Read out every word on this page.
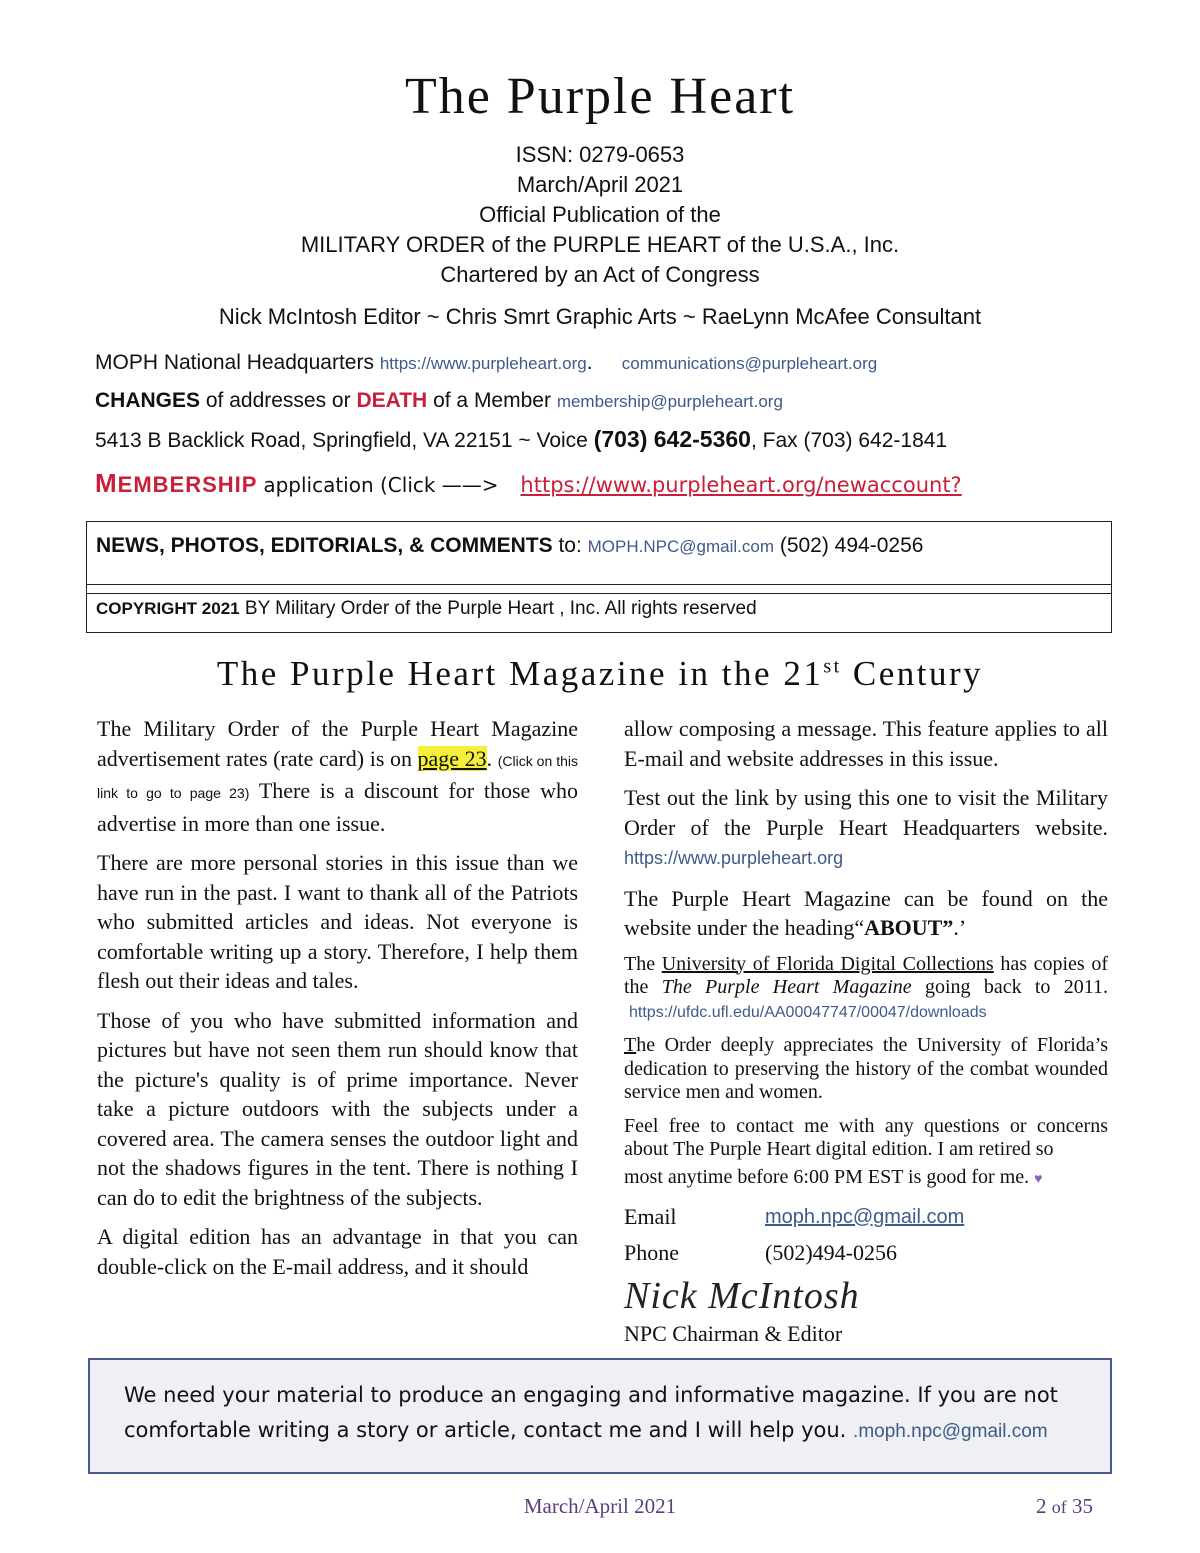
The Purple Heart
ISSN: 0279-0653
March/April 2021
Official Publication of the
MILITARY ORDER of the PURPLE HEART of the U.S.A., Inc.
Chartered by an Act of Congress
Nick McIntosh Editor ~ Chris Smrt Graphic Arts ~ RaeLynn McAfee Consultant
MOPH National Headquarters https://www.purpleheart.org. communications@purpleheart.org
CHANGES of addresses or DEATH of a Member membership@purpleheart.org
5413 B Backlick Road, Springfield, VA 22151 ~ Voice (703) 642-5360, Fax (703) 642-1841
MEMBERSHIP application (Click ——> https://www.purpleheart.org/newaccount?
NEWS, PHOTOS, EDITORIALS, & COMMENTS to: MOPH.NPC@gmail.com (502) 494-0256
COPYRIGHT 2021 BY Military Order of the Purple Heart , Inc. All rights reserved
The Purple Heart Magazine in the 21st Century

The Military Order of the Purple Heart Magazine advertisement rates (rate card) is on page 23. (Click on this link to go to page 23) There is a discount for those who advertise in more than one issue.

There are more personal stories in this issue than we have run in the past. I want to thank all of the Patriots who submitted articles and ideas. Not everyone is comfortable writing up a story. Therefore, I help them flesh out their ideas and tales.

Those of you who have submitted information and pictures but have not seen them run should know that the picture's quality is of prime importance. Never take a picture outdoors with the subjects under a covered area. The camera senses the outdoor light and not the shadows figures in the tent. There is nothing I can do to edit the brightness of the subjects.

A digital edition has an advantage in that you can double-click on the E-mail address, and it should

allow composing a message. This feature applies to all E-mail and website addresses in this issue.

Test out the link by using this one to visit the Military Order of the Purple Heart Headquarters website. https://www.purpleheart.org

The Purple Heart Magazine can be found on the website under the heading“ABOUT”.’

The University of Florida Digital Collections has copies of the The Purple Heart Magazine going back to 2011.  https://ufdc.ufl.edu/AA00047747/00047/downloads

The Order deeply appreciates the University of Florida’s dedication to preserving the history of the combat wounded service men and women.

Feel free to contact me with any questions or concerns about The Purple Heart digital edition. I am retired so
most anytime before 6:00 PM EST is good for me. ♥

Email	moph.npc@gmail.com
Phone	(502)494-0256
Nick McIntosh
NPC Chairman & Editor
We need your material to produce an engaging and informative magazine. If you are not
comfortable writing a story or article, contact me and I will help you. .moph.npc@gmail.com
March/April 2021	2 of 35
